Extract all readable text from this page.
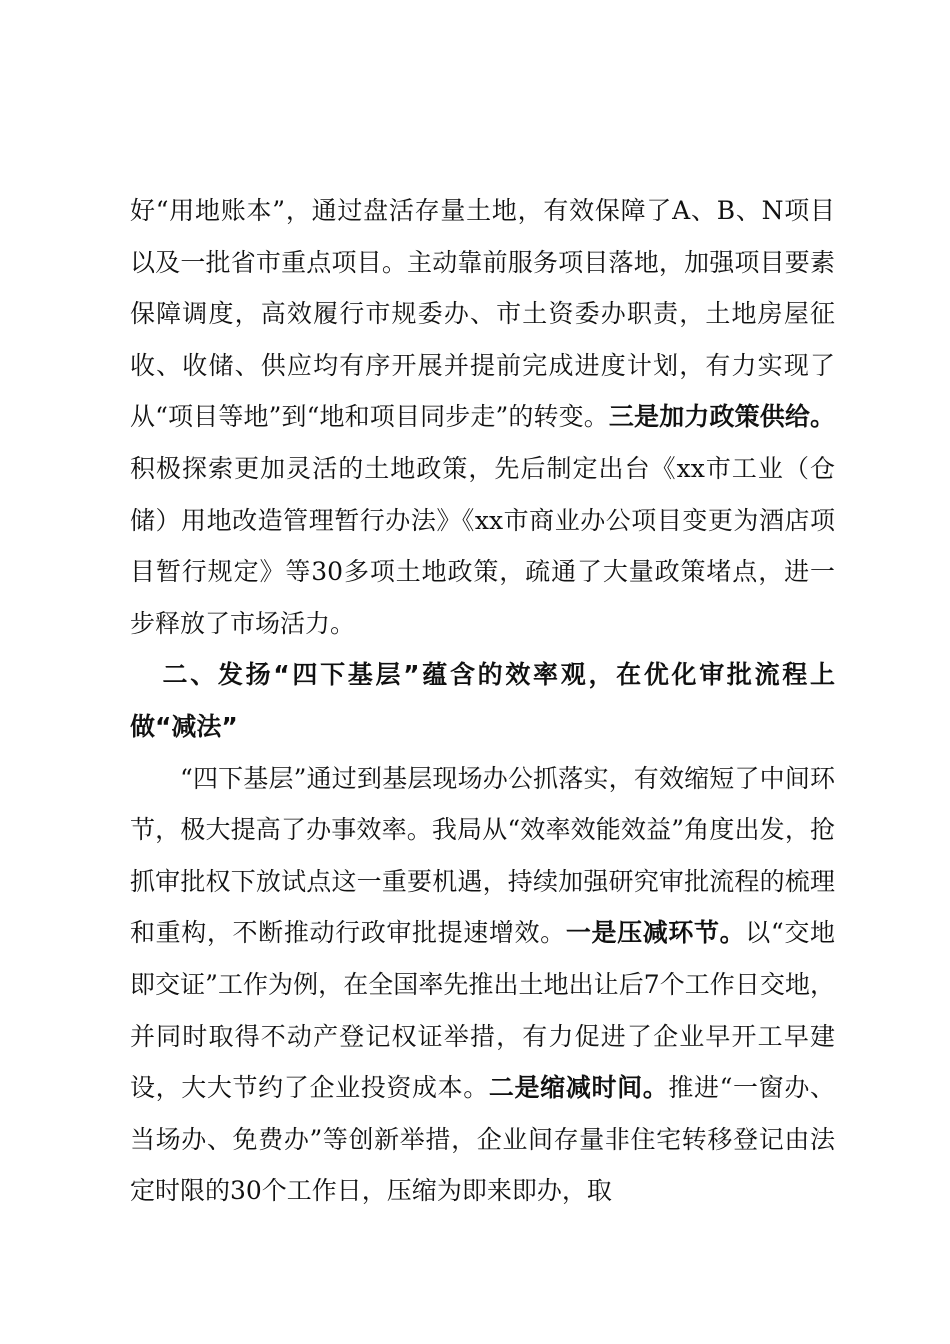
好“用地账本”，通过盘活存量土地，有效保障了A、B、N项目以及一批省市重点项目。主动靠前服务项目落地，加强项目要素保障调度，高效履行市规委办、市土资委办职责，土地房屋征收、收储、供应均有序开展并提前完成进度计划，有力实现了从“项目等地”到“地和项目同步走”的转变。三是加力政策供给。积极探索更加灵活的土地政策，先后制定出台《xx市工业（仓储）用地改造管理暂行办法》《xx市商业办公项目变更为酒店项目暂行规定》等30多项土地政策，疏通了大量政策堵点，进一步释放了市场活力。

二、发扬“四下基层”蕴含的效率观，在优化审批流程上做“减法”

“四下基层”通过到基层现场办公抓落实，有效缩短了中间环节，极大提高了办事效率。我局从“效率效能效益”角度出发，抢抓审批权下放试点这一重要机遇，持续加强研究审批流程的梳理和重构，不断推动行政审批提速增效。一是压减环节。以“交地即交证”工作为例，在全国率先推出土地出让后7个工作日交地，并同时取得不动产登记权证举措，有力促进了企业早开工早建设，大大节约了企业投资成本。二是缩减时间。推进“一窗办、当场办、免费办”等创新举措，企业间存量非住宅转移登记由法定时限的30个工作日，压缩为即来即办，取
